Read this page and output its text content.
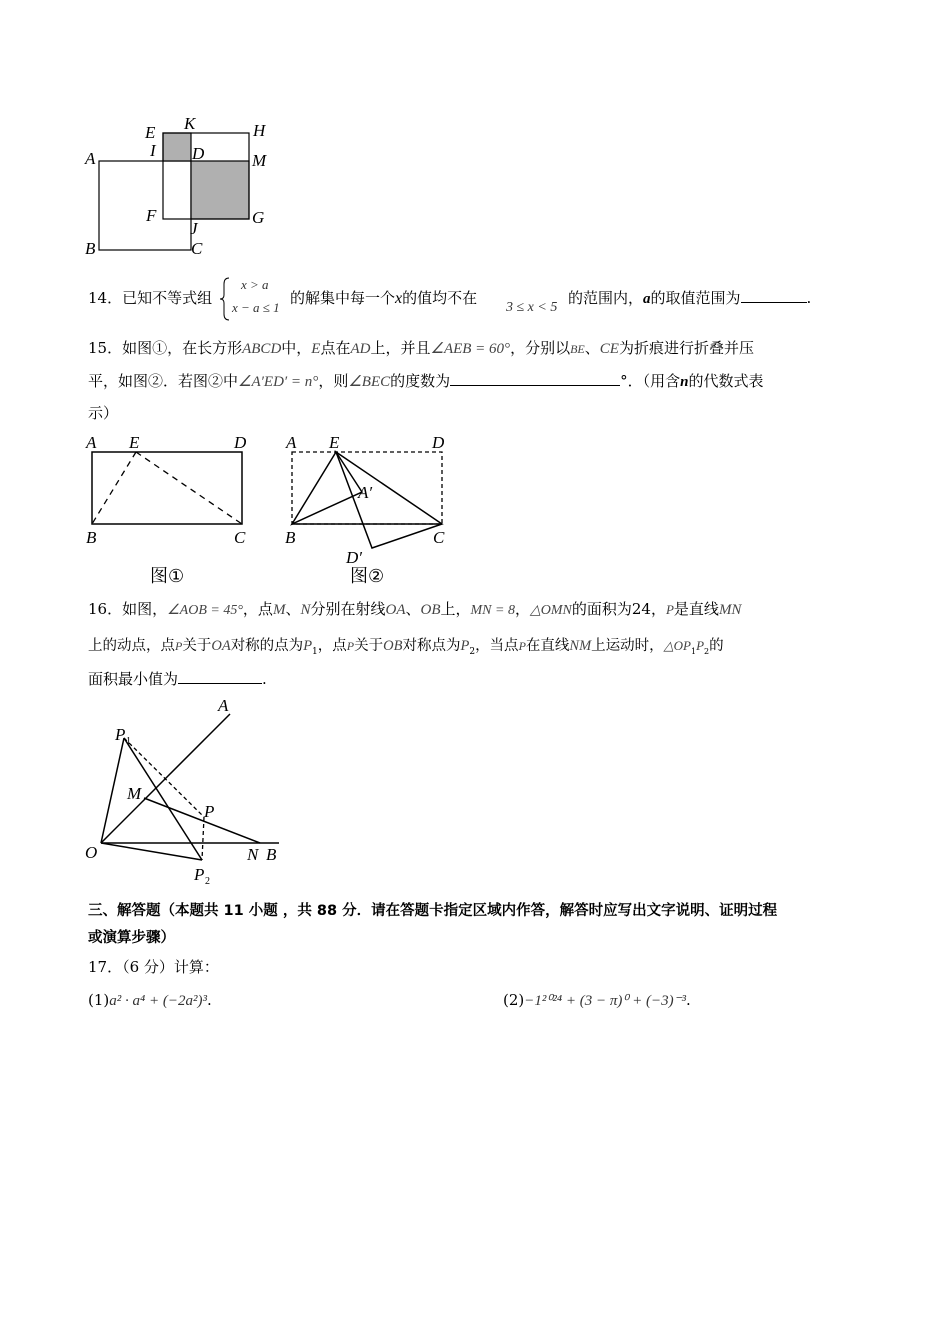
E K	H
I D	M
A
F	G
J
B	C
14．已知不等式组
x > a
x − a ≤ 1
的解集中每一个x的值均不在
3 ≤ x < 5
的范围内，a的取值范围为	.
15．如图①，在长方形ABCD中，E点在AD上，并且∠AEB = 60°，分别以BE、CE为折痕进行折叠并压
平，如图②．若图②中∠A′ED′ = n°，则∠BEC的度数为	°．（用含n的代数式表
示）
A E	D
B	C
图①
A E	D
A′
B	C
D′
图②
16．如图，∠AOB = 45°，点M、N分别在射线OA、OB上，MN = 8，△OMN的面积为24，P是直线MN
上的动点，点P关于OA对称的点为$P_1$，点P关于OB对称点为$P_2$，当点P在直线NM上运动时，$\triangle OP_1P_2$的
面积最小值为	.
A
P 1
M
P
O	N B
P 2
三、解答题（本题共 11 小题 ，共 88 分．请在答题卡指定区域内作答，解答时应写出文字说明、证明过程
或演算步骤）
17．（6 分）计算：
(1)a² · a⁴ + (−2a²)³.	(2)−1²⁰²⁴ + (3 − π)⁰ + (−3)⁻³.
